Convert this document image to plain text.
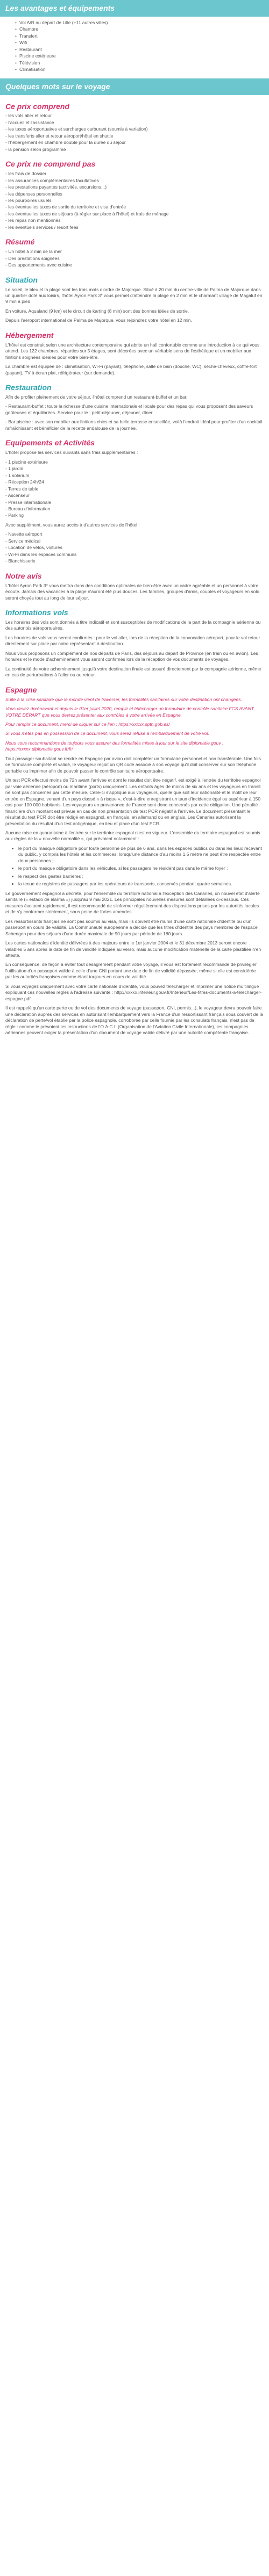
Les avantages et équipements
• Vol A/R au départ de Lille (+11 autres villes)
• Chambre
• Transfert
• Wifi
• Restaurant
• Piscine extérieure
• Télévision
• Climatisation
Quelques mots sur le voyage
Ce prix comprend

- les vols aller et retour

- l'accueil et l'assistance

- les taxes aéroportuaires et surcharges carburant (soumis à variation)

- les transferts aller et retour aéroport/hôtel en shuttle

- l'hébergement en chambre double pour la durée du séjour

- la pension selon programme

Ce prix ne comprend pas

- les frais de dossier

- les assurances complémentaires facultatives

- les prestations payantes (activités, excursions...)

- les dépenses personnelles

- les pourboires usuels

- les éventuelles taxes de sortie du territoire et visa d'entrée

- les éventuelles taxes de séjours (à régler sur place à l'hôtel) et frais de ménage

- les repas non mentionnés

- les éventuels services / resort fees

Résumé

- Un hôtel à 2 min de la mer

- Des prestations soignées

- Des appartements avec cuisine

Situation

Le soleil, le bleu et la plage sont les trois mots d'ordre de Majorque. Situé à 20 min du centre-ville de Palma de Majorque dans un quartier doté aux loisirs, l'hôtel Ayron Park 3* vous permet d'atteindre la plage en 2 min et le charmant village de Magaluf en 9 min à pied.

En voiture, Aqualand (9 km) et le circuit de karting (8 min) sont des bonnes idées de sortie.

Depuis l'aéroport international de Palma de Majorque, vous rejoindrez votre hôtel en 12 min.

Hébergement

L'hôtel est construit selon une architecture contemporaine qui abrite un hall confortable comme une introduction à ce qui vous attend. Les 122 chambres, réparties sur 5 étages, sont décorées avec un véritable sens de l'esthétique et un mobilier aux finitions soignées idéales pour votre bien-être.

La chambre est équipée de : climatisation, Wi-Fi (payant), téléphone, salle de bain (douche, WC), sèche-cheveux, coffre-fort (payant), TV à écran plat, réfrigérateur (sur demande).

Restauration

Afin de profiter pleinement de votre séjour, l'hôtel comprend un restaurant-buffet et un bar.

- Restaurant-buffet : toute la richesse d'une cuisine internationale et locale pour des repas qui vous proposent des saveurs goûteuses et équilibrées. Service pour le : petit-déjeuner, déjeuner, dîner.

- Bar piscine : avec son mobilier aux finitions chics et sa belle terrasse ensoleillée, voilà l'endroit idéal pour profiter d'un cocktail rafraîchissant et bénéficier de la recette andalouse de la journée.

Equipements et Activités

L'hôtel propose les services suivants sans frais supplémentaires :

- 1 piscine extérieure

- 1 jardin

- 1 solarium

- Réception 24h/24

- Terres de table

- Ascenseur

- Presse internationale

- Bureau d'information

- Parking

Avec supplément, vous aurez accès à d'autres services de l'hôtel :

- Navette aéroport

- Service médical

- Location de vélos, voitures

- Wi-Fi dans les espaces communs

- Blanchisserie

Notre avis

L'hôtel Ayron Park 3* vous mettra dans des conditions optimales de bien-être avec un cadre agréable et un personnel à votre écoute. Jamais des vacances à la plage n'auront été plus douces. Les familles, groupes d'amis, couples et voyageurs en solo seront choyés tout au long de leur séjour.

Informations vols

Les horaires des vols sont donnés à titre indicatif et sont susceptibles de modifications de la part de la compagnie aérienne ou des autorités aéroportuaires.

Les horaires de vols vous seront confirmés : pour le vol aller, lors de la réception de la convocation aéroport, pour le vol retour directement sur place par notre représentant à destination.

Nous vous proposons un complément de nos départs de Paris, des séjours au départ de Province (en train ou en avion). Les horaires et le mode d'acheminement vous seront confirmés lors de la réception de vos documents de voyages.

La continuité de votre acheminement jusqu'à votre destination finale est assuré directement par la compagnie aérienne, même en cas de perturbations à l'aller ou au retour.

Espagne

Suite à la crise sanitaire que le monde vient de traverser, les formalités sanitaires sur votre destination ont changées.

Vous devez dorénavant et depuis le 01er juillet 2020, remplir et télécharger un formulaire de contrôle sanitaire FCS AVANT VOTRE DÉPART que vous devrez présenter aux contrôles à votre arrivée en Espagne.

Pour remplir ce document, merci de cliquer sur ce lien : https://xxxxx.spth.gob.es/

Si vous n'êtes pas en possession de ce document, vous serez refusé à l'embarquement de votre vol.

Nous vous recommandons de toujours vous assurer des formalités mises à jour sur le site diplomatie.gouv : https://xxxxx.diplomatie.gouv.fr/fr/

Tout passager souhaitant se rendre en Espagne par avion doit compléter un formulaire personnel et non transférable. Une fois ce formulaire complété et validé, le voyageur reçoit un QR code associé à son voyage qu'il doit conserver sur son téléphone portable ou imprimer afin de pouvoir passer le contrôle sanitaire aéroportuaire.

Un test PCR effectué moins de 72h avant l'arrivée et dont le résultat doit être négatif, est exigé à l'entrée du territoire espagnol par voie aérienne (aéroport) ou maritime (ports) uniquement. Les enfants âgés de moins de six ans et les voyageurs en transit ne sont pas concernés par cette mesure. Celle-ci s'applique aux voyageurs, quelle que soit leur nationalité et le motif de leur entrée en Espagne, venant d'un pays classé « à risque », c'est-à-dire enregistrant un taux d'incidence égal ou supérieur à 150 cas pour 100 000 habitants. Les voyageurs en provenance de France sont donc concernés par cette obligation. Une pénalité financière d'un montant est prévue en cas de non présentation de test PCR négatif à l'arrivée. Le document présentant le résultat du test PCR doit être rédigé en espagnol, en français, en allemand ou en anglais. Les Canaries autorisent la présentation du résultat d'un test antigénique, en lieu et place d'un test PCR.

Aucune mise en quarantaine à l'entrée sur le territoire espagnol n'est en vigueur. L'ensemble du territoire espagnol est soumis aux règles de la « nouvelle normalité », qui prévoient notamment :

• le port du masque obligatoire pour toute personne de plus de 6 ans, dans les espaces publics ou dans les lieux recevant du public, y compris les hôtels et les commerces, lorsqu'une distance d'au moins 1,5 mètre ne peut être respectée entre deux personnes ;
• le port du masque obligatoire dans les véhicules, si les passagers ne résident pas dans le même foyer ;
• le respect des gestes barrières ;
• la tenue de registres de passagers par les opérateurs de transports, conservés pendant quatre semaines.

Le gouvernement espagnol a décrété, pour l'ensemble du territoire national à l'exception des Canaries, un nouvel état d'alerte sanitaire (« estado de alarma ») jusqu'au 9 mai 2021. Les principales nouvelles mesures sont détaillées ci-dessous. Ces mesures évoluent rapidement, il est recommandé de s'informer régulièrement des dispositions prises par les autorités locales et de s'y conformer strictement, sous peine de fortes amendes.

Les ressortissants français ne sont pas soumis au visa, mais ils doivent être munis d'une carte nationale d'identité ou d'un passeport en cours de validité. La Communauté européenne a décidé que les titres d'identité des pays membres de l'espace Schengen pour des séjours d'une durée maximale de 90 jours par période de 180 jours.

Les cartes nationales d'identité délivrées à des majeurs entre le 1er janvier 2004 et le 31 décembre 2013 seront encore valables 5 ans après la date de fin de validité indiquée au verso, mais aucune modification matérielle de la carte plastifiée n'en atteste.

En conséquence, de façon à éviter tout désagrément pendant votre voyage, il vous est fortement recommandé de privilégier l'utilisation d'un passeport valide à celle d'une CNI portant une date de fin de validité dépassée, même si elle est considérée par les autorités françaises comme étant toujours en cours de validité.

Si vous voyagez uniquement avec votre carte nationale d'identité, vous pouvez télécharger et imprimer une notice multilingue expliquant ces nouvelles règles à l'adresse suivante : http://xxxxx.interieur.gouv.fr/Interieur/Les-titres-documents-a-telecharger-espagne.pdf.

Il est rappelé qu'un carte perte ou de vol des documents de voyage (passeport, CNI, permis...), le voyageur devra pouvoir faire une déclaration auprès des services en autorisant l'embarquement vers la France d'un ressortissant français sous couvert de la déclaration de perte/vol établie par la police espagnole, corroborée par celle fournie par les consulats français, n'est pas de règle : comme le prévoient les instructions de l'O.A.C.I. (Organisation de l'Aviation Civile Internationale), les compagnies aériennes peuvent exiger la présentation d'un document de voyage valide délivré par une autorité compétente française.
